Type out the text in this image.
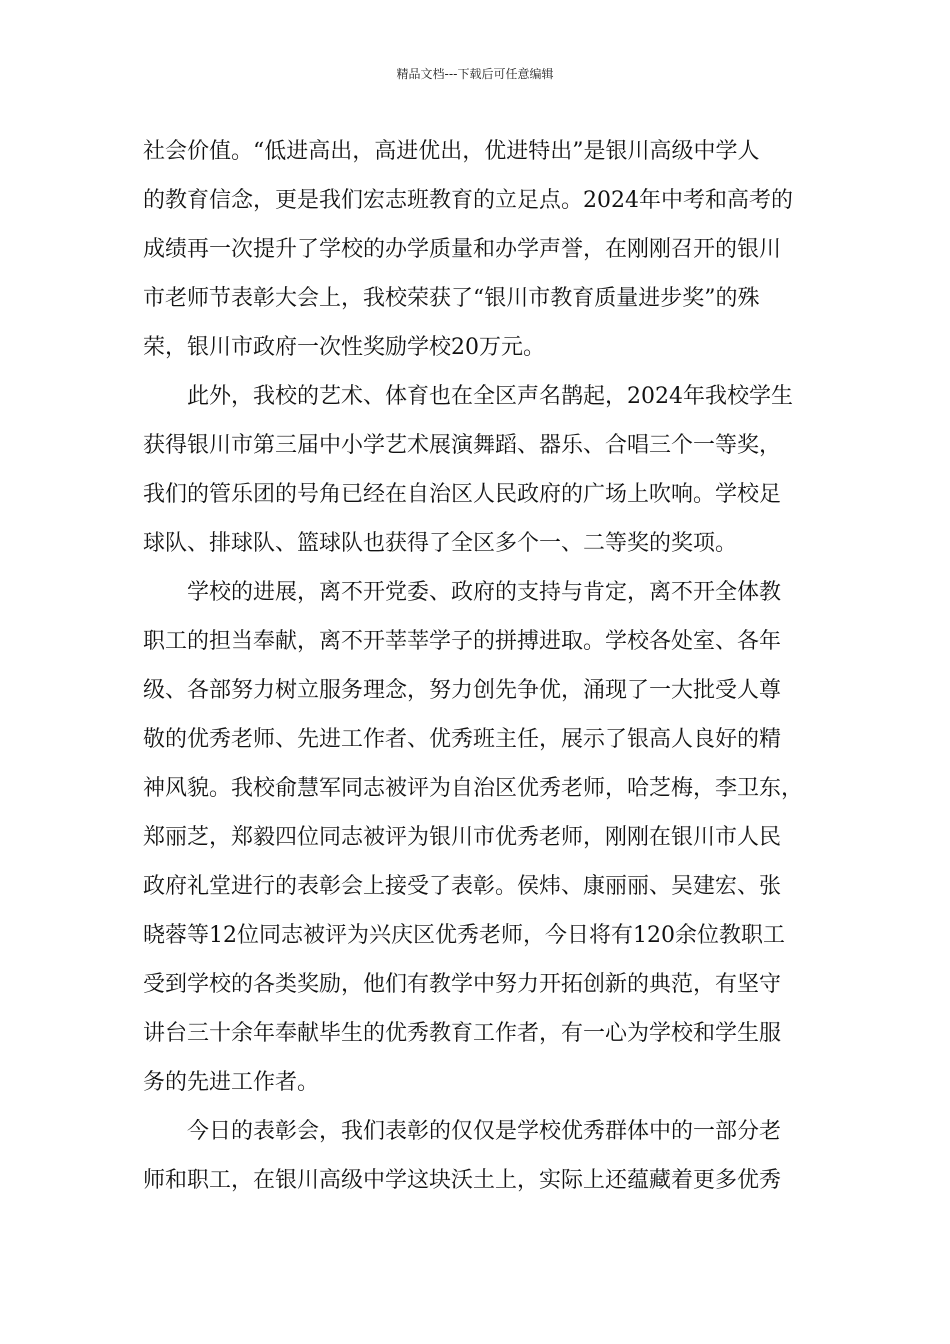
精品文档---下载后可任意编辑

社会价值。“低进高出，高进优出，优进特出”是银川高级中学人
的教育信念，更是我们宏志班教育的立足点。2024年中考和高考的
成绩再一次提升了学校的办学质量和办学声誉，在刚刚召开的银川
市老师节表彰大会上，我校荣获了“银川市教育质量进步奖”的殊
荣，银川市政府一次性奖励学校20万元。

此外，我校的艺术、体育也在全区声名鹊起，2024年我校学生
获得银川市第三届中小学艺术展演舞蹈、器乐、合唱三个一等奖，
我们的管乐团的号角已经在自治区人民政府的广场上吹响。学校足
球队、排球队、篮球队也获得了全区多个一、二等奖的奖项。

学校的进展，离不开党委、政府的支持与肯定，离不开全体教
职工的担当奉献，离不开莘莘学子的拼搏进取。学校各处室、各年
级、各部努力树立服务理念，努力创先争优，涌现了一大批受人尊
敬的优秀老师、先进工作者、优秀班主任，展示了银高人良好的精
神风貌。我校俞慧军同志被评为自治区优秀老师，哈芝梅，李卫东，
郑丽芝，郑毅四位同志被评为银川市优秀老师，刚刚在银川市人民
政府礼堂进行的表彰会上接受了表彰。侯炜、康丽丽、吴建宏、张
晓蓉等12位同志被评为兴庆区优秀老师，今日将有120余位教职工
受到学校的各类奖励，他们有教学中努力开拓创新的典范，有坚守
讲台三十余年奉献毕生的优秀教育工作者，有一心为学校和学生服
务的先进工作者。

今日的表彰会，我们表彰的仅仅是学校优秀群体中的一部分老
师和职工，在银川高级中学这块沃土上，实际上还蕴藏着更多优秀
